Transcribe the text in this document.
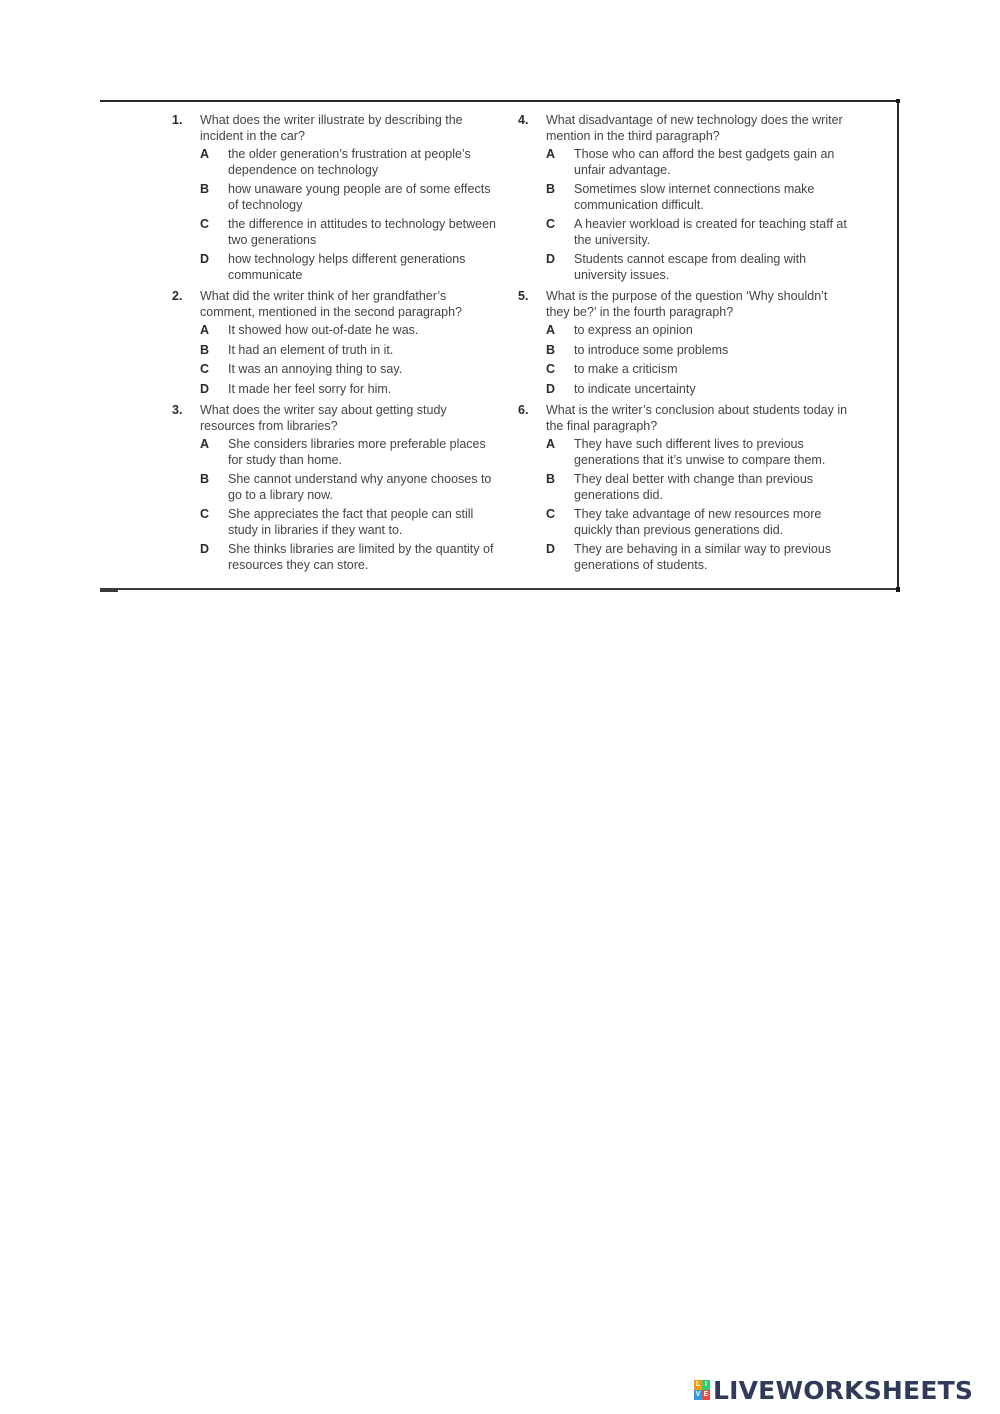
1.	What does the writer illustrate by describing the incident in the car?
A	the older generation’s frustration at people’s dependence on technology
B	how unaware young people are of some effects of technology
C	the difference in attitudes to technology between two generations
D	how technology helps different generations communicate
2.	What did the writer think of her grandfather’s comment, mentioned in the second paragraph?
A	It showed how out-of-date he was.
B	It had an element of truth in it.
C	It was an annoying thing to say.
D	It made her feel sorry for him.
3.	What does the writer say about getting study resources from libraries?
A	She considers libraries more preferable places for study than home.
B	She cannot understand why anyone chooses to go to a library now.
C	She appreciates the fact that people can still study in libraries if they want to.
D	She thinks libraries are limited by the quantity of resources they can store.
4.	What disadvantage of new technology does the writer mention in the third paragraph?
A	Those who can afford the best gadgets gain an unfair advantage.
B	Sometimes slow internet connections make communication difficult.
C	A heavier workload is created for teaching staff at the university.
D	Students cannot escape from dealing with university issues.
5.	What is the purpose of the question ‘Why shouldn’t they be?’ in the fourth paragraph?
A	to express an opinion
B	to introduce some problems
C	to make a criticism
D	to indicate uncertainty
6.	What is the writer’s conclusion about students today in the final paragraph?
A	They have such different lives to previous generations that it’s unwise to compare them.
B	They deal better with change than previous generations did.
C	They take advantage of new resources more quickly than previous generations did.
D	They are behaving in a similar way to previous generations of students.
L I
V E LIVEWORKSHEETS
